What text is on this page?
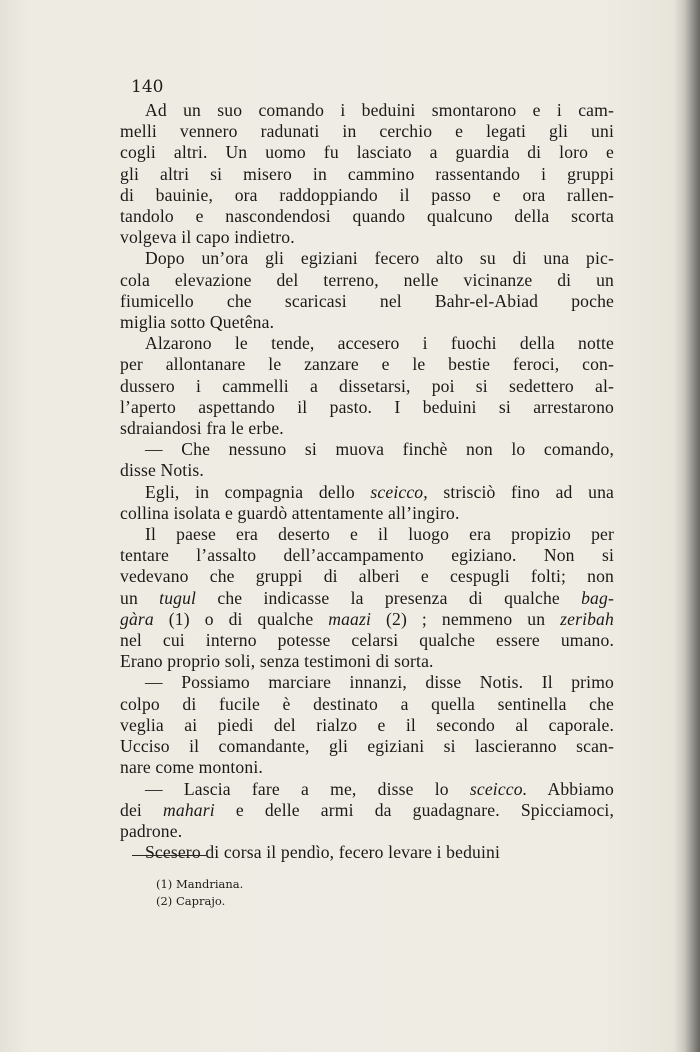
140

Ad un suo comando i beduini smontarono e i cam-
melli vennero radunati in cerchio e legati gli uni
cogli altri. Un uomo fu lasciato a guardia di loro e
gli altri si misero in cammino rassentando i gruppi
di bauinie, ora raddoppiando il passo e ora rallen-
tandolo e nascondendosi quando qualcuno della scorta
volgeva il capo indietro.
Dopo un’ora gli egiziani fecero alto su di una pic-
cola elevazione del terreno, nelle vicinanze di un
fiumicello che scaricasi nel Bahr-el-Abiad poche
miglia sotto Quetêna.
Alzarono le tende, accesero i fuochi della notte
per allontanare le zanzare e le bestie feroci, con-
dussero i cammelli a dissetarsi, poi si sedettero al-
l’aperto aspettando il pasto. I beduini si arrestarono
sdraiandosi fra le erbe.
— Che nessuno si muova finchè non lo comando,
disse Notis.
Egli, in compagnia dello sceicco, strisciò fino ad una
collina isolata e guardò attentamente all’ingiro.
Il paese era deserto e il luogo era propizio per
tentare l’assalto dell’accampamento egiziano. Non si
vedevano che gruppi di alberi e cespugli folti; non
un tugul che indicasse la presenza di qualche bag-
gàra (1) o di qualche maazi (2) ; nemmeno un zeribah
nel cui interno potesse celarsi qualche essere umano.
Erano proprio soli, senza testimoni di sorta.
— Possiamo marciare innanzi, disse Notis. Il primo
colpo di fucile è destinato a quella sentinella che
veglia ai piedi del rialzo e il secondo al caporale.
Ucciso il comandante, gli egiziani si lascieranno scan-
nare come montoni.
— Lascia fare a me, disse lo sceicco. Abbiamo
dei mahari e delle armi da guadagnare. Spicciamoci,
padrone.
Scesero di corsa il pendìo, fecero levare i beduini
(1) Mandriana.
(2) Caprajo.
